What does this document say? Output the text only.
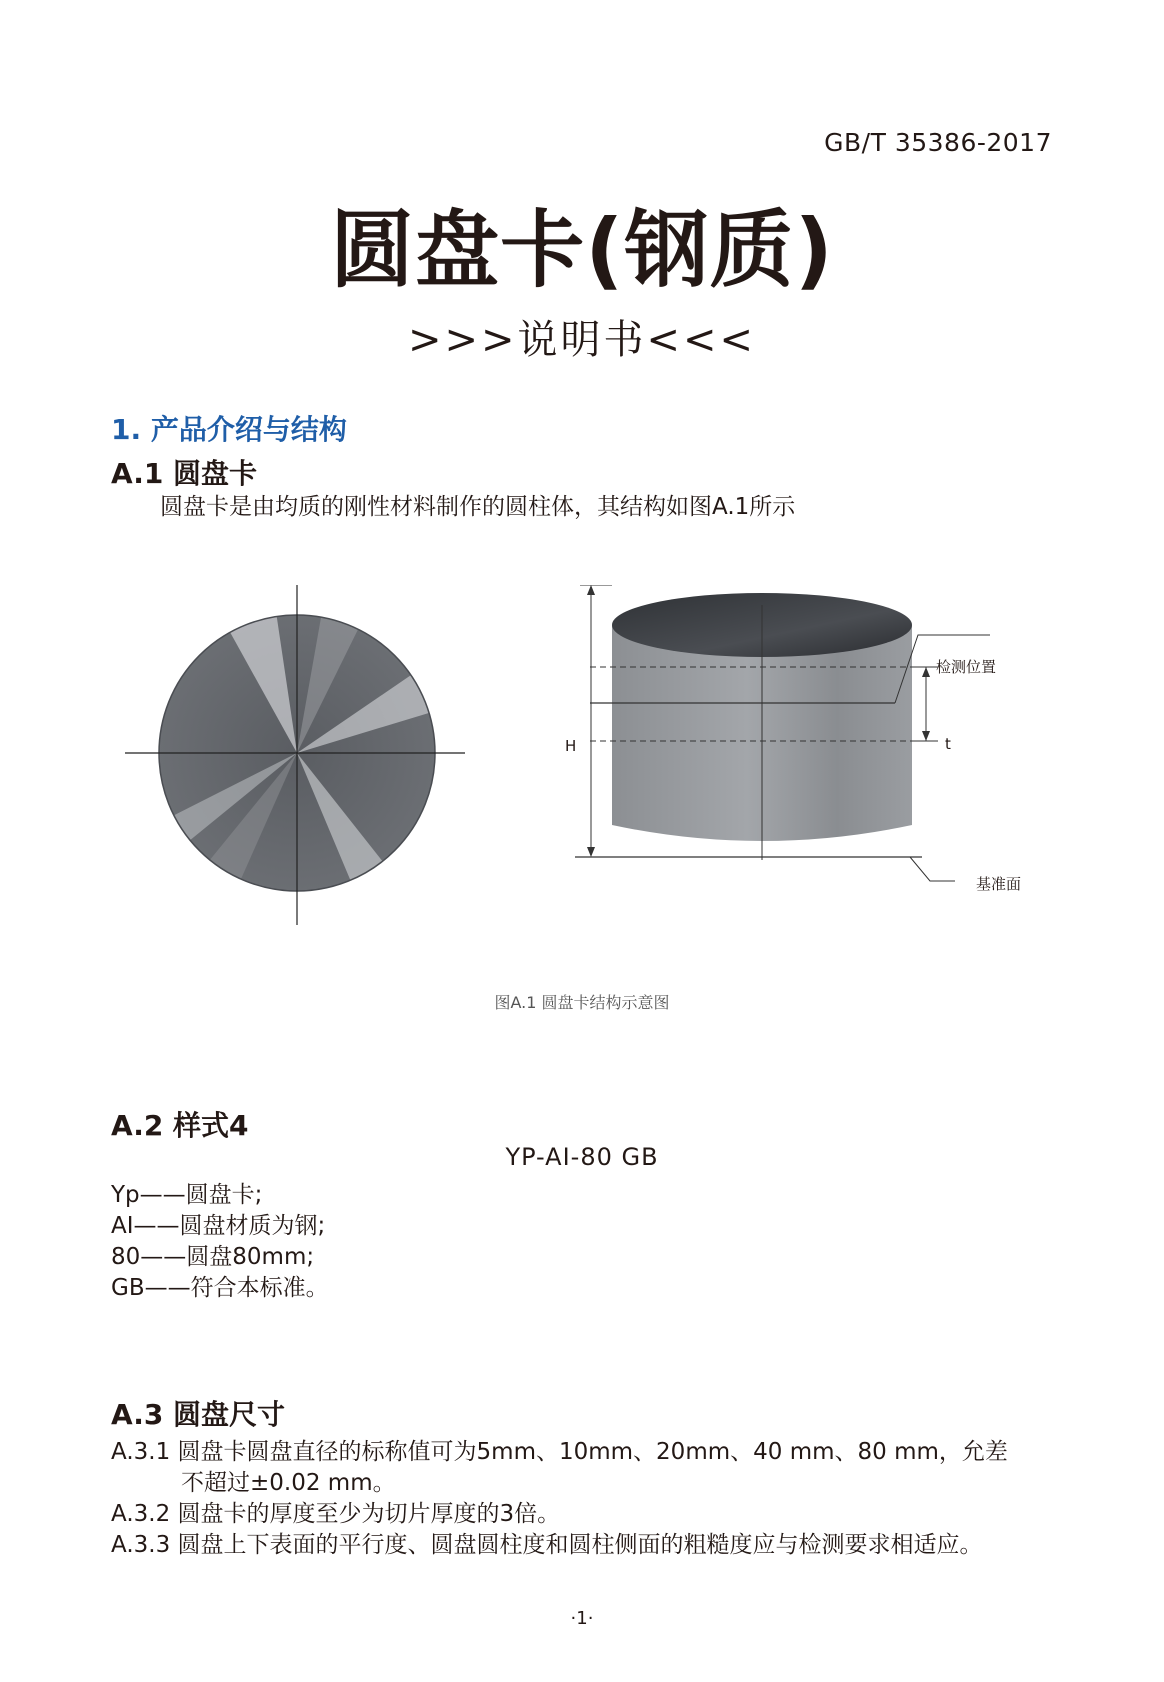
GB/T 35386-2017
圆盘卡(钢质)
>>>说明书<<<
1. 产品介绍与结构
A.1 圆盘卡
圆盘卡是由均质的刚性材料制作的圆柱体，其结构如图A.1所示
检测位置
H	t
基准面
图A.1 圆盘卡结构示意图
A.2 样式4
YP-AI-80 GB
Yp——圆盘卡;
AI——圆盘材质为钢;
80——圆盘80mm;
GB——符合本标准。
A.3 圆盘尺寸
A.3.1 圆盘卡圆盘直径的标称值可为5mm、10mm、20mm、40 mm、80 mm，允差
不超过±0.02 mm。
A.3.2 圆盘卡的厚度至少为切片厚度的3倍。
A.3.3 圆盘上下表面的平行度、圆盘圆柱度和圆柱侧面的粗糙度应与检测要求相适应。
·1·
